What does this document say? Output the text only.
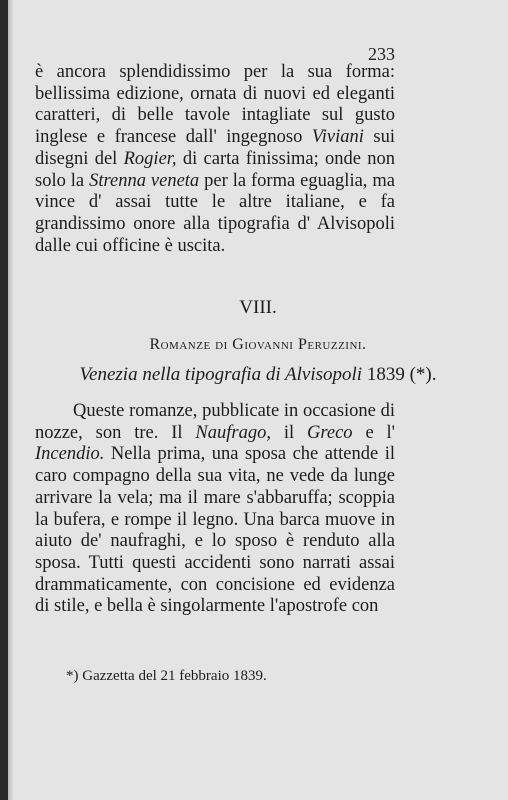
233
è ancora splendidissimo per la sua forma: bellissima edizione, ornata di nuovi ed eleganti caratteri, di belle tavole intagliate sul gusto inglese e francese dall' ingegnoso Viviani sui disegni del Rogier, di carta finissima; onde non solo la Strenna veneta per la forma eguaglia, ma vince d' assai tutte le altre italiane, e fa grandissimo onore alla tipografia d' Alvisopoli dalle cui officine è uscita.
VIII.
Romanze di Giovanni Peruzzini.
Venezia nella tipografia di Alvisopoli 1839 (*).
Queste romanze, pubblicate in occasione di nozze, son tre. Il Naufrago, il Greco e l' Incendio. Nella prima, una sposa che attende il caro compagno della sua vita, ne vede da lunge arrivare la vela; ma il mare s'abbaruffa; scoppia la bufera, e rompe il legno. Una barca muove in aiuto de' naufraghi, e lo sposo è renduto alla sposa. Tutti questi accidenti sono narrati assai drammaticamente, con concisione ed evidenza di stile, e bella è singolarmente l'apostrofe con
*) Gazzetta del 21 febbraio 1839.
